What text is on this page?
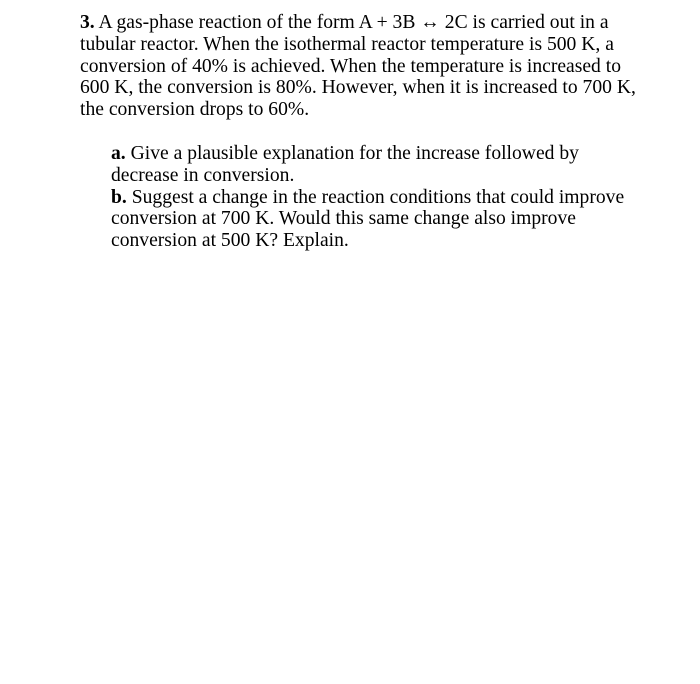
3. A gas-phase reaction of the form A + 3B ↔ 2C is carried out in a tubular reactor. When the isothermal reactor temperature is 500 K, a conversion of 40% is achieved. When the temperature is increased to 600 K, the conversion is 80%. However, when it is increased to 700 K, the conversion drops to 60%.

a. Give a plausible explanation for the increase followed by decrease in conversion.

b. Suggest a change in the reaction conditions that could improve conversion at 700 K. Would this same change also improve conversion at 500 K? Explain.
